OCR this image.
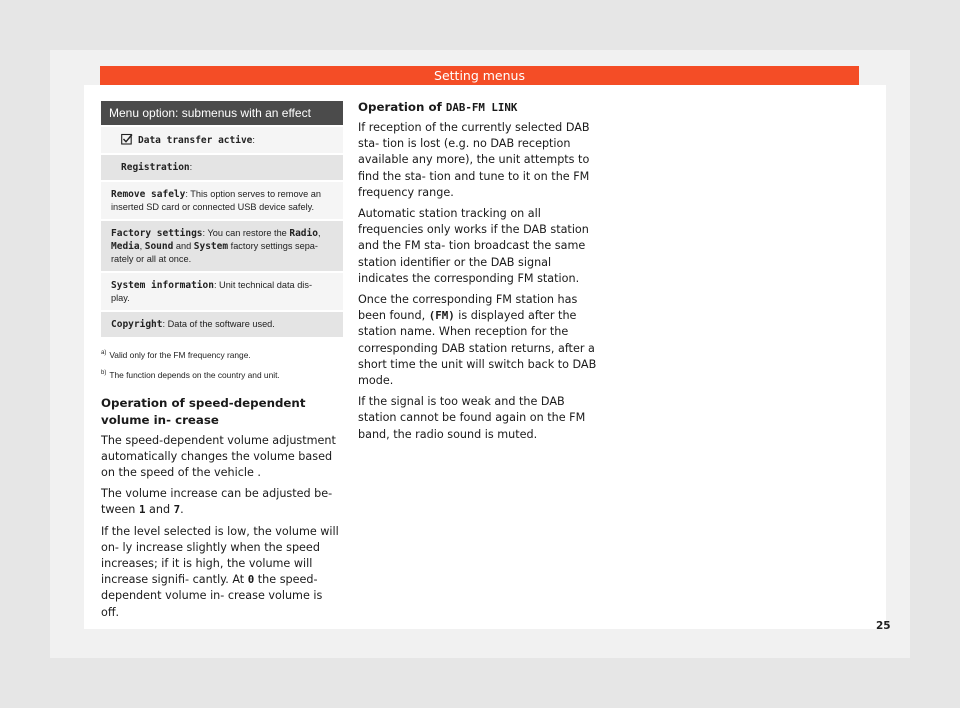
Setting menus
Menu option: submenus with an effect
Data transfer active:
Registration:
Remove safely: This option serves to remove an inserted SD card or connected USB device safely.
Factory settings: You can restore the Radio, Media, Sound and System factory settings sepa- rately or all at once.
System information: Unit technical data dis- play.
Copyright: Data of the software used.
$^{a)}$ Valid only for the FM frequency range.
$^{b)}$ The function depends on the country and unit.
Operation of speed-dependent volume in- crease

The speed-dependent volume adjustment automatically changes the volume based on the speed of the vehicle .

The volume increase can be adjusted be- tween 1 and 7.

If the level selected is low, the volume will on- ly increase slightly when the speed increases; if it is high, the volume will increase signifi- cantly. At 0 the speed-dependent volume in- crease volume is off.

Operation of DAB-FM LINK

If reception of the currently selected DAB sta- tion is lost (e.g. no DAB reception available any more), the unit attempts to find the sta- tion and tune to it on the FM frequency range.

Automatic station tracking on all frequencies only works if the DAB station and the FM sta- tion broadcast the same station identifier or the DAB signal indicates the corresponding FM station.

Once the corresponding FM station has been found, (FM) is displayed after the station name. When reception for the corresponding DAB station returns, after a short time the unit will switch back to DAB mode.

If the signal is too weak and the DAB station cannot be found again on the FM band, the radio sound is muted.

25
